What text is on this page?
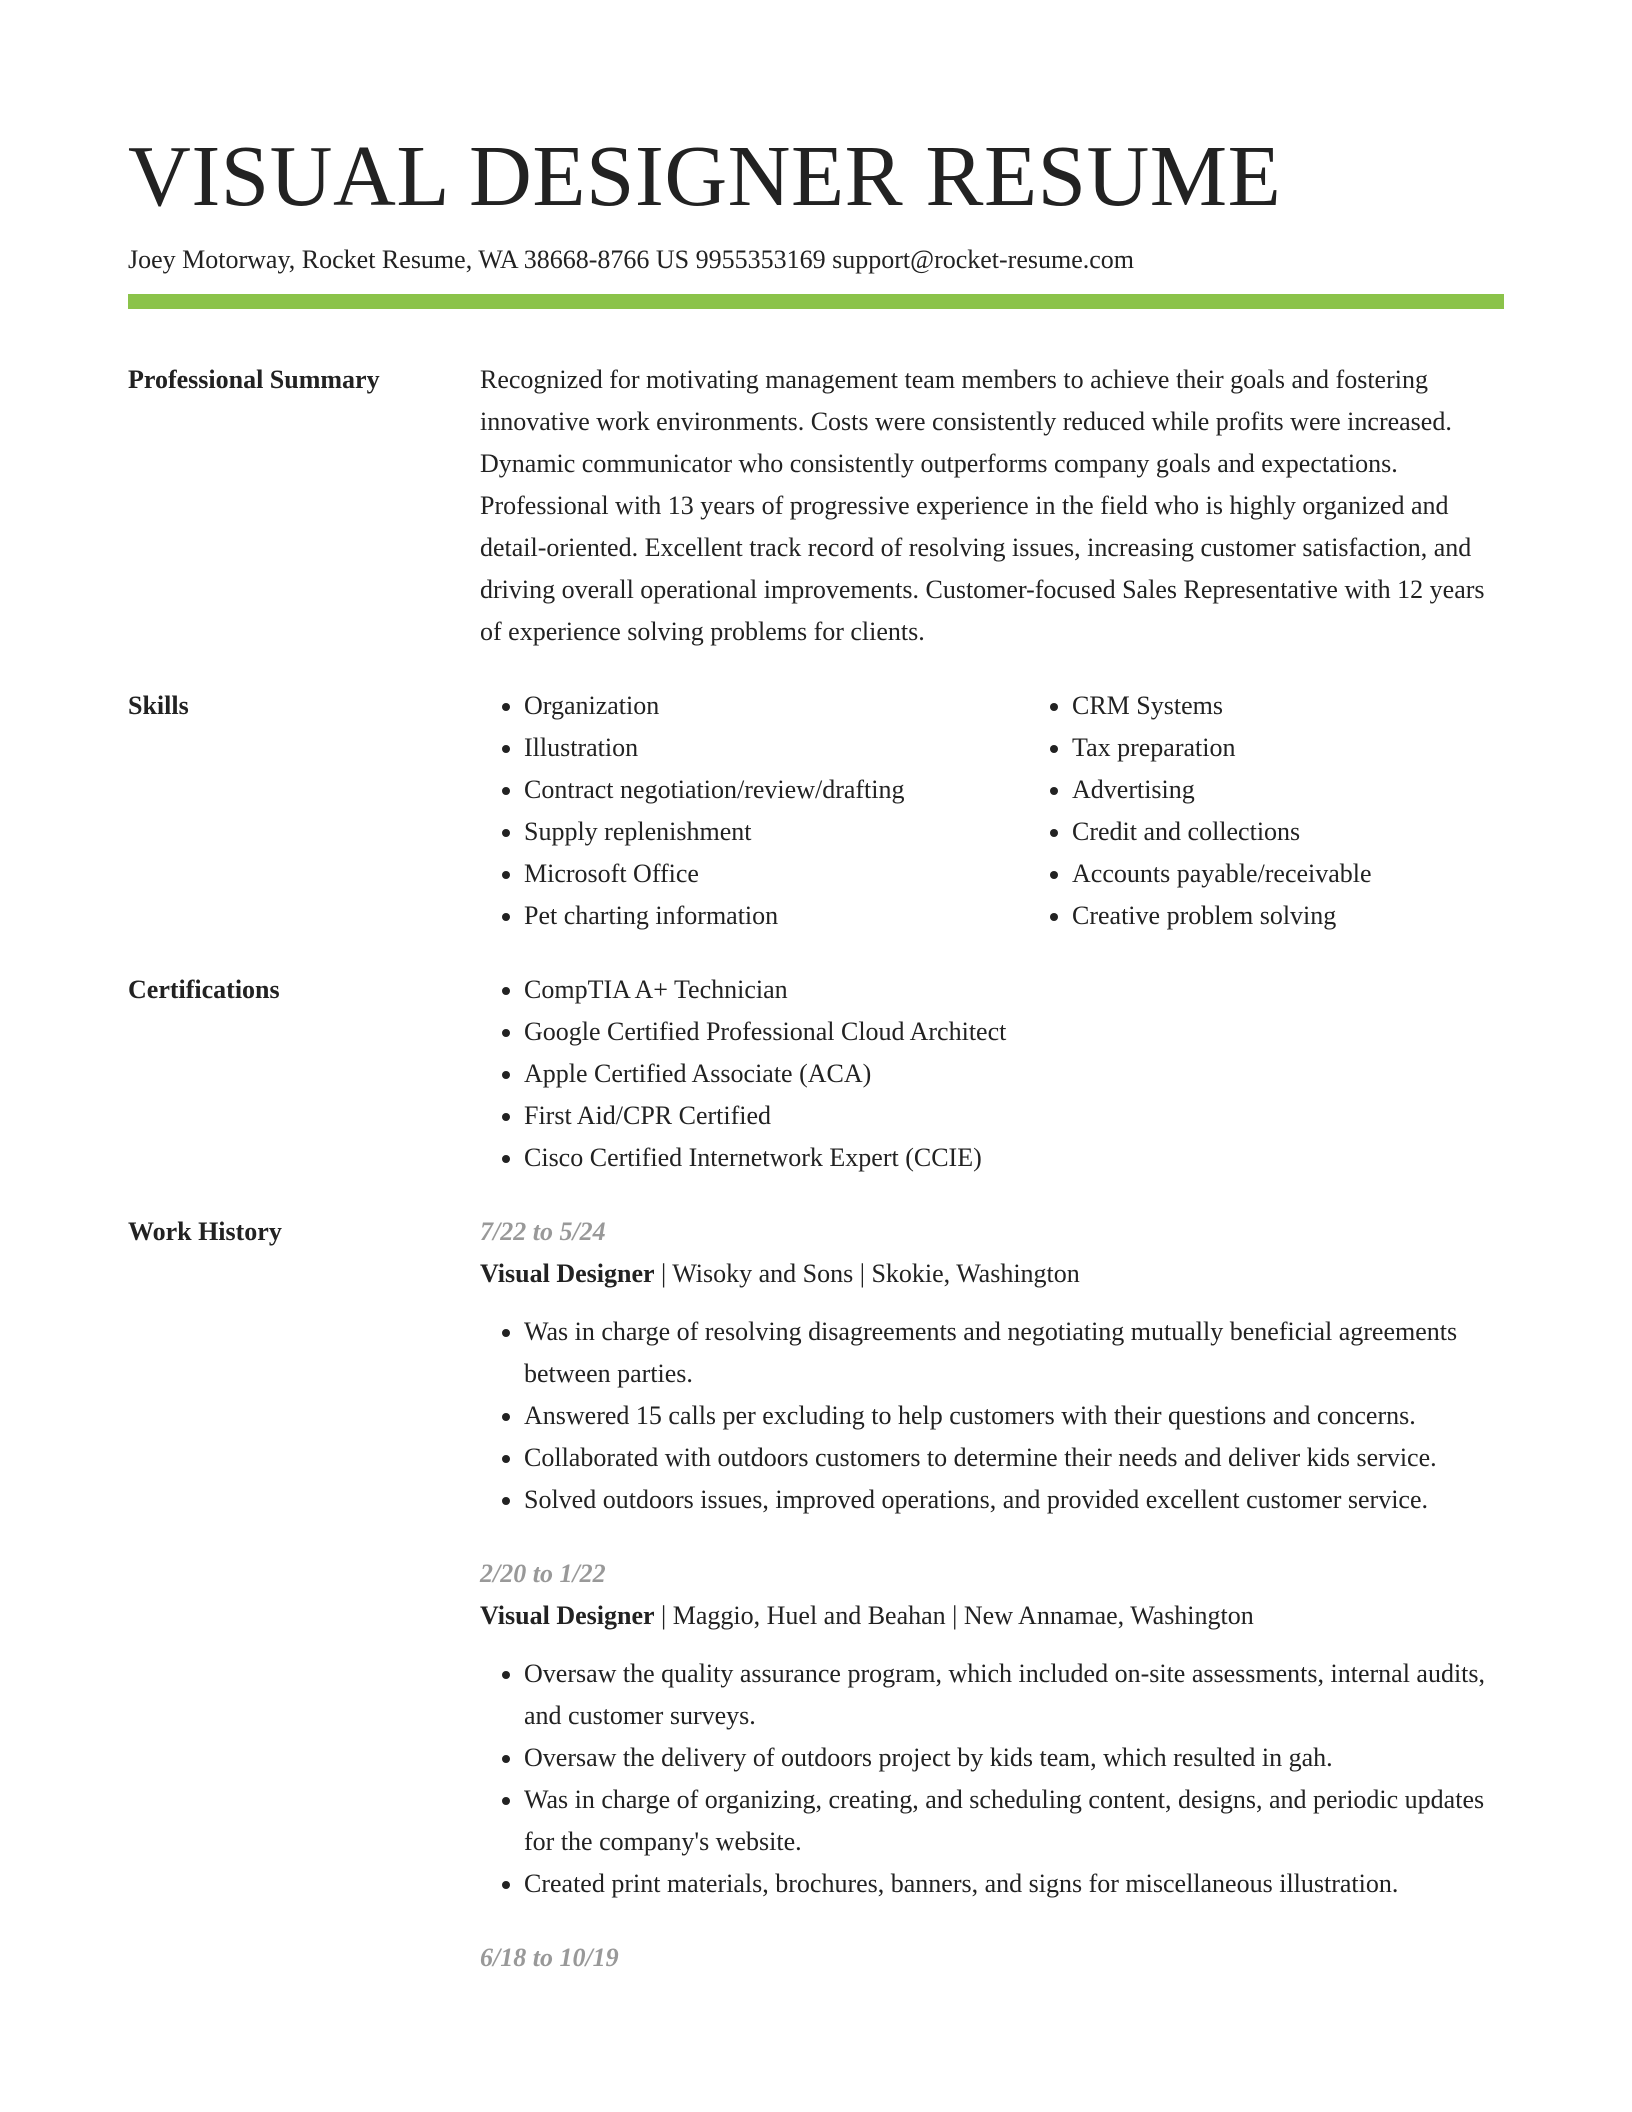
VISUAL DESIGNER RESUME
Joey Motorway, Rocket Resume, WA 38668-8766 US 9955353169 support@rocket-resume.com
Professional Summary	Recognized for motivating management team members to achieve their goals and fostering innovative work environments. Costs were consistently reduced while profits were increased. Dynamic communicator who consistently outperforms company goals and expectations. Professional with 13 years of progressive experience in the field who is highly organized and detail-oriented. Excellent track record of resolving issues, increasing customer satisfaction, and driving overall operational improvements. Customer-focused Sales Representative with 12 years of experience solving problems for clients.
Skills	• Organization
• Illustration
• Contract negotiation/review/drafting
• Supply replenishment
• Microsoft Office
• Pet charting information
• CRM Systems
• Tax preparation
• Advertising
• Credit and collections
• Accounts payable/receivable
• Creative problem solving
Certifications	• CompTIA A+ Technician
• Google Certified Professional Cloud Architect
• Apple Certified Associate (ACA)
• First Aid/CPR Certified
• Cisco Certified Internetwork Expert (CCIE)
Work History	7/22 to 5/24
Visual Designer | Wisoky and Sons | Skokie, Washington
• Was in charge of resolving disagreements and negotiating mutually beneficial agreements between parties.
• Answered 15 calls per excluding to help customers with their questions and concerns.
• Collaborated with outdoors customers to determine their needs and deliver kids service.
• Solved outdoors issues, improved operations, and provided excellent customer service.
2/20 to 1/22
Visual Designer | Maggio, Huel and Beahan | New Annamae, Washington
• Oversaw the quality assurance program, which included on-site assessments, internal audits, and customer surveys.
• Oversaw the delivery of outdoors project by kids team, which resulted in gah.
• Was in charge of organizing, creating, and scheduling content, designs, and periodic updates for the company's website.
• Created print materials, brochures, banners, and signs for miscellaneous illustration.
6/18 to 10/19
